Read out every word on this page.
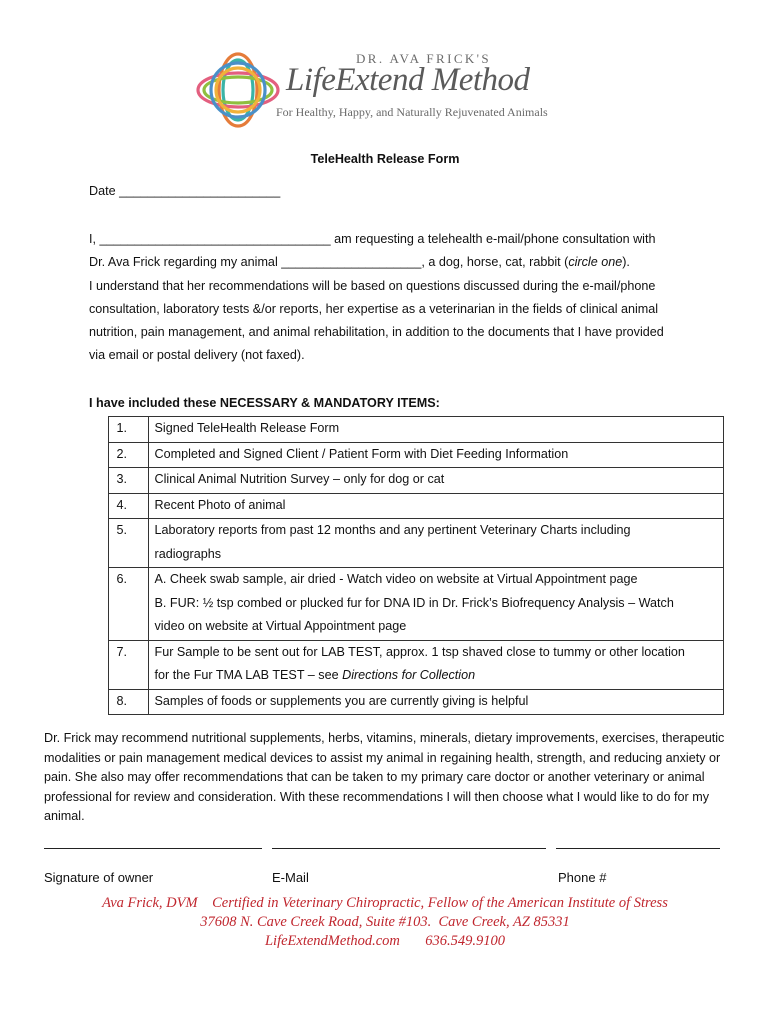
DR. AVA FRICK'S
LifeExtend Method
For Healthy, Happy, and Naturally Rejuvenated Animals
TeleHealth Release Form
Date _______________________
I, _________________________________ am requesting a telehealth e-mail/phone consultation with
Dr. Ava Frick regarding my animal ____________________, a dog, horse, cat, rabbit (circle one).
I understand that her recommendations will be based on questions discussed during the e-mail/phone
consultation, laboratory tests &/or reports, her expertise as a veterinarian in the fields of clinical animal
nutrition, pain management, and animal rehabilitation, in addition to the documents that I have provided
via email or postal delivery (not faxed).
I have included these NECESSARY & MANDATORY ITEMS:
	1.	Signed TeleHealth Release Form
	2.	Completed and Signed Client / Patient Form with Diet Feeding Information
	3.	Clinical Animal Nutrition Survey – only for dog or cat
	4.	Recent Photo of animal
	5.	Laboratory reports from past 12 months and any pertinent Veterinary Charts including
radiographs

	6.	A. Cheek swab sample, air dried - Watch video on website at Virtual Appointment page
B. FUR: ½ tsp combed or plucked fur for DNA ID in Dr. Frick’s Biofrequency Analysis – Watch
video on website at Virtual Appointment page

	7.	Fur Sample to be sent out for LAB TEST, approx. 1 tsp shaved close to tummy or other location
for the Fur TMA LAB TEST – see Directions for Collection

	8.	Samples of foods or supplements you are currently giving is helpful
Dr. Frick may recommend nutritional supplements, herbs, vitamins, minerals, dietary improvements, exercises, therapeutic modalities or pain management medical devices to assist my animal in regaining health, strength, and reducing anxiety or pain. She also may offer recommendations that can be taken to my primary care doctor or another veterinary or animal professional for review and consideration. With these recommendations I will then choose what I would like to do for my animal.
Signature of owner	E-Mail	Phone #
Ava Frick, DVM    Certified in Veterinary Chiropractic, Fellow of the American Institute of Stress
37608 N. Cave Creek Road, Suite #103.  Cave Creek, AZ 85331
LifeExtendMethod.com       636.549.9100
